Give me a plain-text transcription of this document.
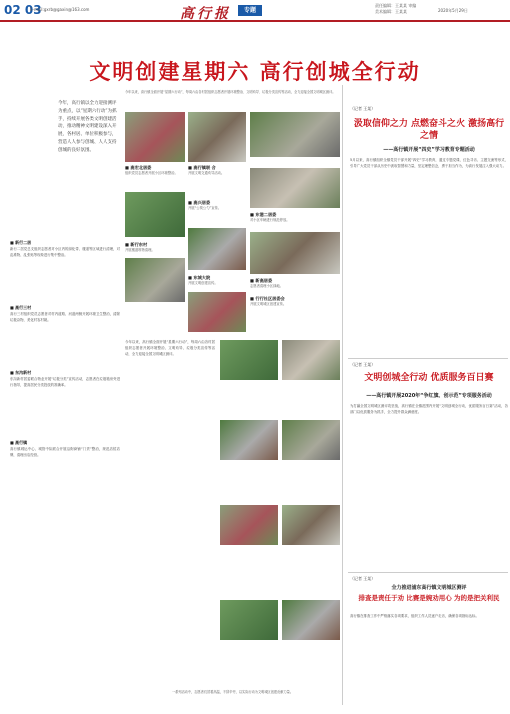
02 03
E-mail:gxrb@gaxin@163.com	高行报	专题
责任编辑：王某某 审编
美术编辑：王某某	2020年5月29日
文明创建星期六 高行创城全行动
今年，高行镇以全力迎接测评为重点，以“星期六行动”为抓手，持续开展各类文明创建活动，推动精神文明建设深入开展，各村居、单位积极参与，营造人人参与创城、人人支持创城的良好氛围。
今年以来，高行镇全面开展“星期六行动”，每周六由各村居组织志愿者开展环境整治、文明劝导、垃圾分类宣传等活动，全力迎接全国文明城区测评。
■ 高宏北居委
组织党员志愿者开展小区环境整治。
■ 高行镇联 合
开展文明交通劝导活动。
■ 高兴居委
开展“公筷公勺”宣传。
■ 东港二居委
对小区车辆进行规范停放。
■ 新行东村
开展楼道堆物清理。
■ 东城大院
开展文明创建宣传。	■ 新高居委
志愿者清理小区绿地。
■ 行行社区居委会
开展文明城区创建宣传。
■ 新行二居
新行二居党总支组织志愿者对小区内的绿化带、楼道等区域进行清理，对乱堆物、乱张贴等现象进行集中整治。
■ 高行三村
高行三村组织党员志愿者对村内道路、河道两侧开展环境卫生整治，清除垃圾杂物，美化村容村貌。
■ 东沟新村
东沟新村居委联合物业开展“垃圾分类”宣传活动，志愿者在垃圾箱房旁进行指导，提高居民分类投放的准确率。
■ 高行镇
高行镇城运中心、城管中队联合开展沿街商铺“门责”整治，规范店招店牌，清理出店经营。
今年以来，高行镇全面开展“星期六行动”，每周六由各村居组织志愿者开展环境整治、文明劝导、垃圾分类宣传等活动，全力迎接全国文明城区测评。
一系列活动中，志愿者们冒着高温，不辞辛劳，以实际行动为文明城区创建贡献力量。
（记者 王某）
汲取信仰之力 点燃奋斗之火 激扬高行之情
——高行镇开展“四史”学习教育专题活动
5月以来，高行镇组织全镇党员干部开展“四史”学习教育，通过专题党课、红色寻访、主题交流等形式，引导广大党员干部从历史中汲取智慧和力量，坚定理想信念，勇于担当作为，为高行发展注入强大动力。
（记者 王某）
文明创城全行动 优质服务百日赛
——高行镇开展2020年“争红旗、创示范”专项服务活动
为打赢全国文明城区测评攻坚战，高行镇在全镇范围内开展“文明创城全行动，优质服务百日赛”活动，各部门以优质服务为抓手，全力提升群众满意度。
（记者 王某）
全力推进浦东高行镇文明城区测评
排查是责任于劝 比赛是婉劝用心 为的是把关利民
高行镇在排查工作中严格落实各项要求，组织工作人员逐户走访，确保各项指标达标。
